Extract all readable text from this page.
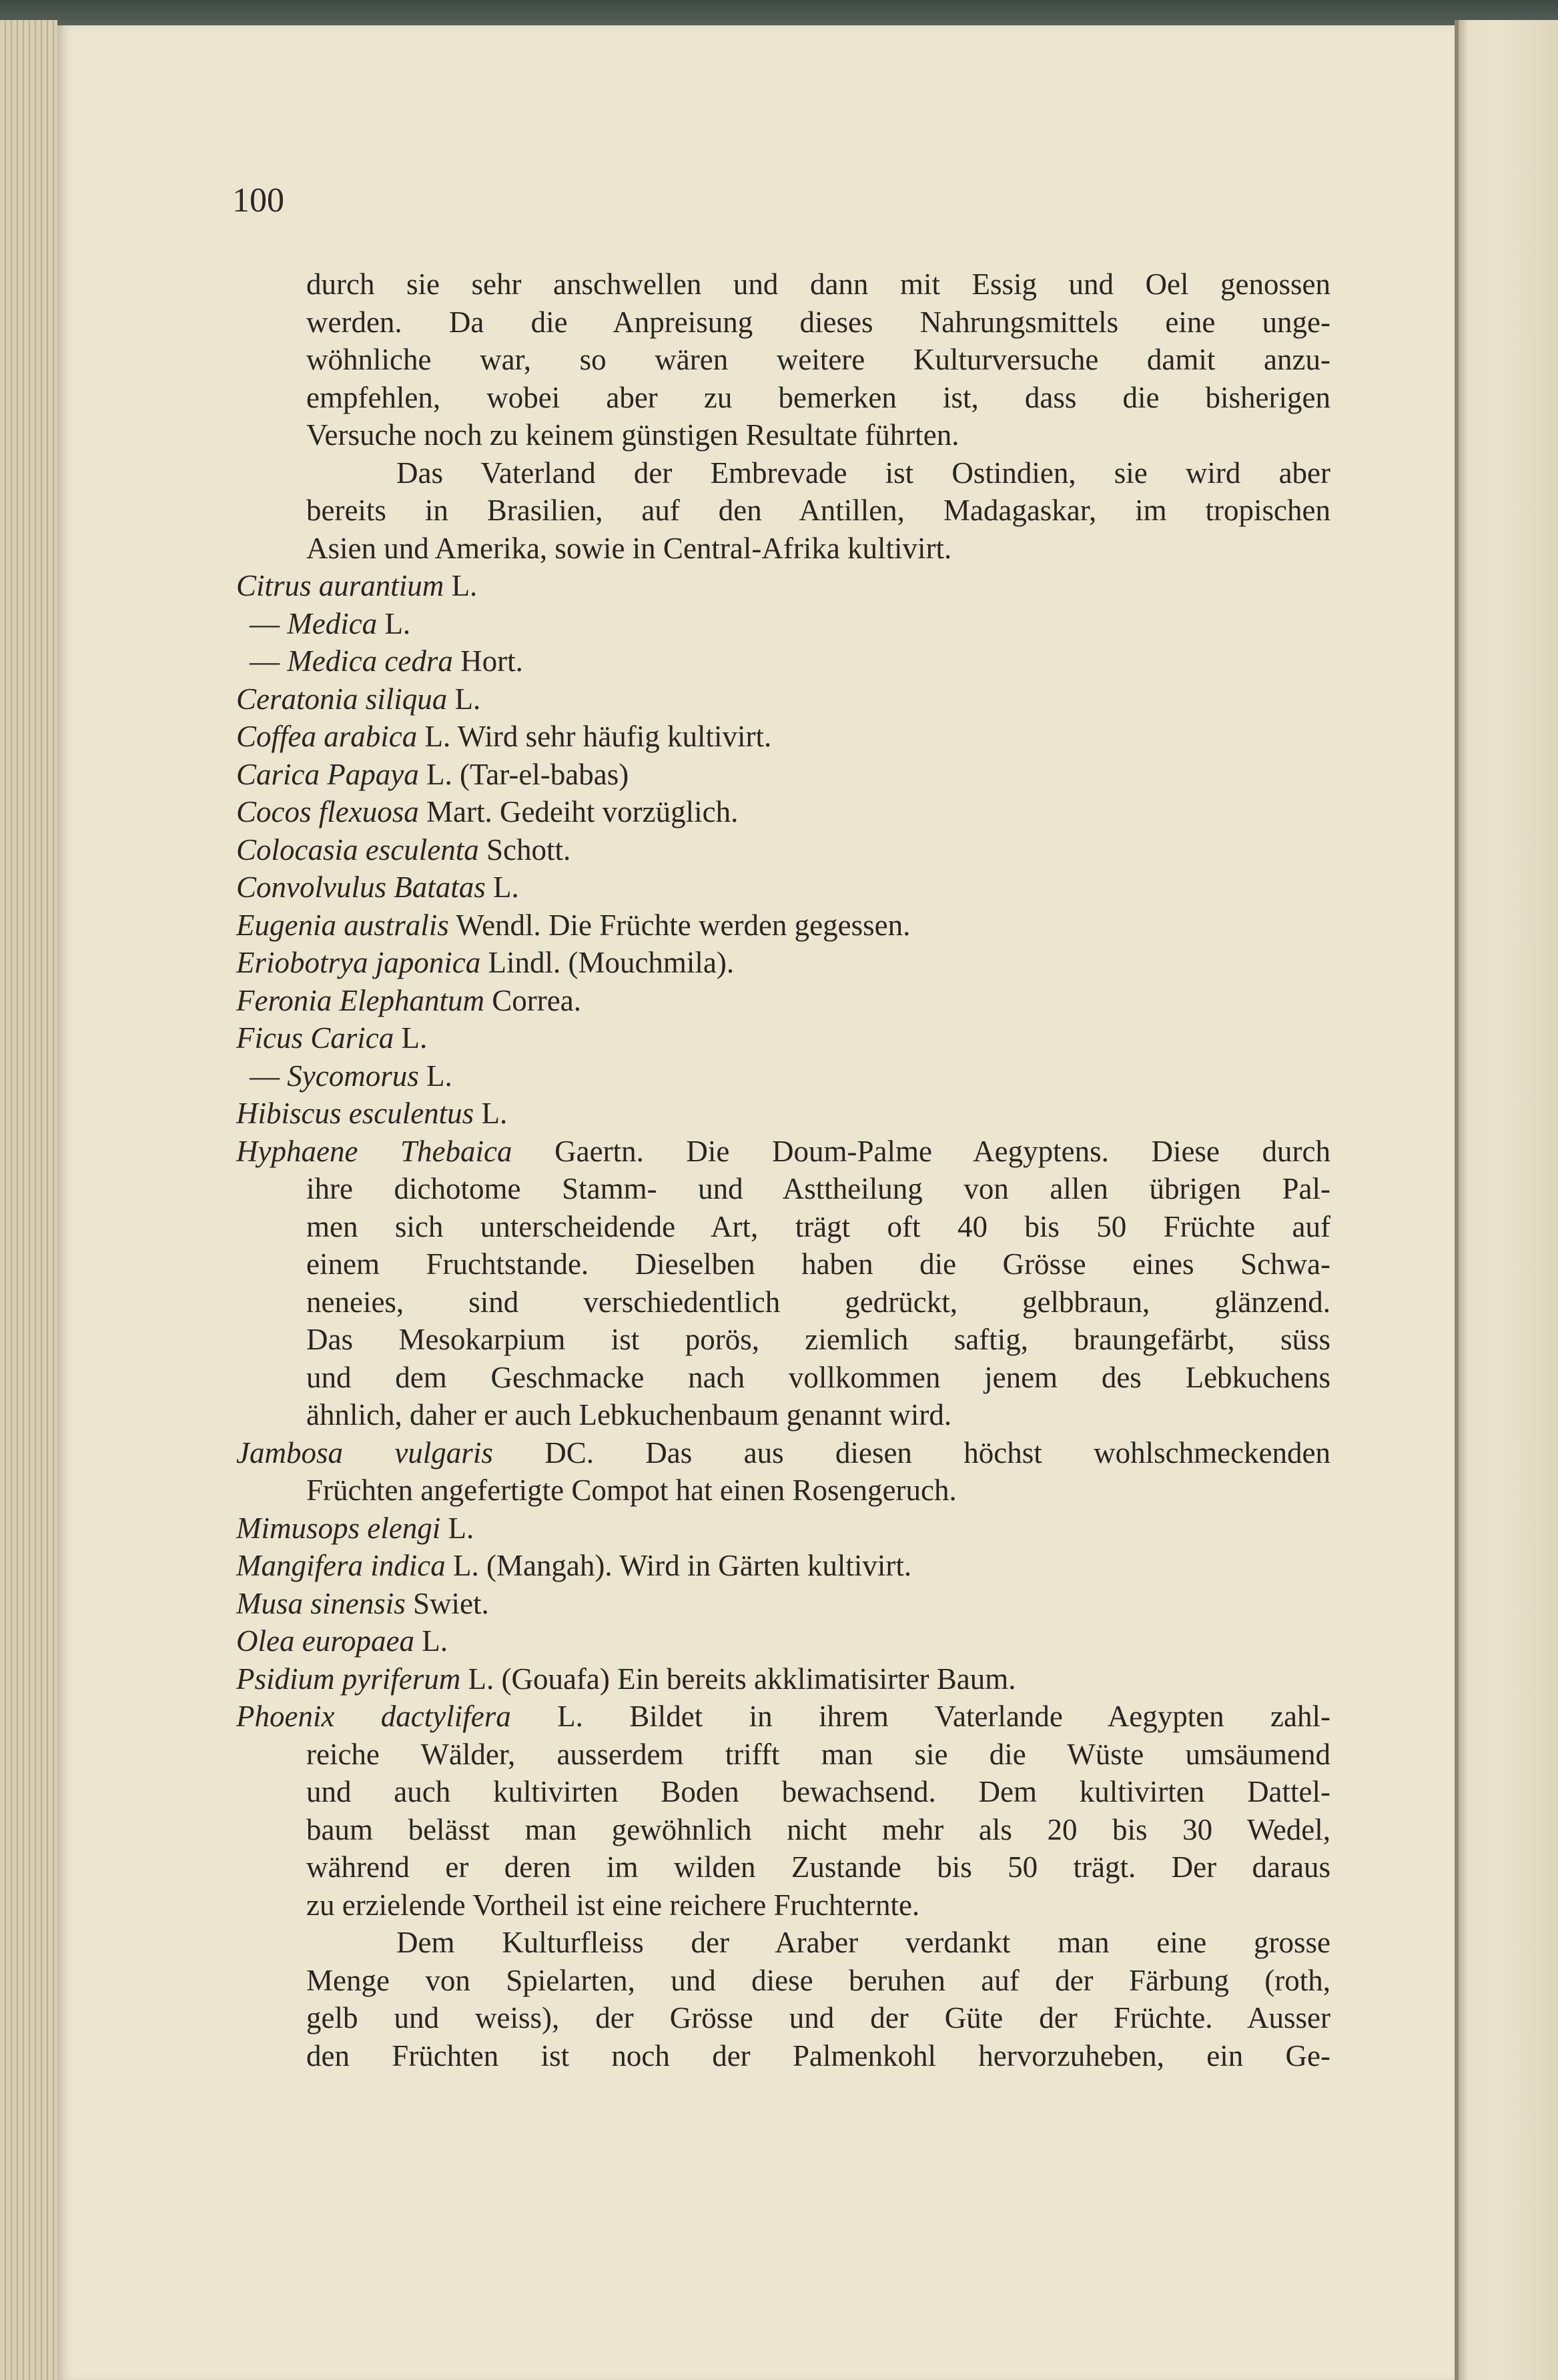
100
durch sie sehr anschwellen und dann mit Essig und Oel genossen
werden. Da die Anpreisung dieses Nahrungsmittels eine unge-
wöhnliche war, so wären weitere Kulturversuche damit anzu-
empfehlen, wobei aber zu bemerken ist, dass die bisherigen
Versuche noch zu keinem günstigen Resultate führten.
Das Vaterland der Embrevade ist Ostindien, sie wird aber
bereits in Brasilien, auf den Antillen, Madagaskar, im tropischen
Asien und Amerika, sowie in Central-Afrika kultivirt.
Citrus aurantium L.
— Medica L.
— Medica cedra Hort.
Ceratonia siliqua L.
Coffea arabica L. Wird sehr häufig kultivirt.
Carica Papaya L. (Tar-el-babas)
Cocos flexuosa Mart. Gedeiht vorzüglich.
Colocasia esculenta Schott.
Convolvulus Batatas L.
Eugenia australis Wendl. Die Früchte werden gegessen.
Eriobotrya japonica Lindl. (Mouchmila).
Feronia Elephantum Correa.
Ficus Carica L.
— Sycomorus L.
Hibiscus esculentus L.
Hyphaene Thebaica Gaertn. Die Doum-Palme Aegyptens. Diese durch
ihre dichotome Stamm- und Asttheilung von allen übrigen Pal-
men sich unterscheidende Art, trägt oft 40 bis 50 Früchte auf
einem Fruchtstande. Dieselben haben die Grösse eines Schwa-
neneies, sind verschiedentlich gedrückt, gelbbraun, glänzend.
Das Mesokarpium ist porös, ziemlich saftig, braungefärbt, süss
und dem Geschmacke nach vollkommen jenem des Lebkuchens
ähnlich, daher er auch Lebkuchenbaum genannt wird.
Jambosa vulgaris DC. Das aus diesen höchst wohlschmeckenden
Früchten angefertigte Compot hat einen Rosengeruch.
Mimusops elengi L.
Mangifera indica L. (Mangah). Wird in Gärten kultivirt.
Musa sinensis Swiet.
Olea europaea L.
Psidium pyriferum L. (Gouafa) Ein bereits akklimatisirter Baum.
Phoenix dactylifera L. Bildet in ihrem Vaterlande Aegypten zahl-
reiche Wälder, ausserdem trifft man sie die Wüste umsäumend
und auch kultivirten Boden bewachsend. Dem kultivirten Dattel-
baum belässt man gewöhnlich nicht mehr als 20 bis 30 Wedel,
während er deren im wilden Zustande bis 50 trägt. Der daraus
zu erzielende Vortheil ist eine reichere Fruchternte.
Dem Kulturfleiss der Araber verdankt man eine grosse
Menge von Spielarten, und diese beruhen auf der Färbung (roth,
gelb und weiss), der Grösse und der Güte der Früchte. Ausser
den Früchten ist noch der Palmenkohl hervorzuheben, ein Ge-
